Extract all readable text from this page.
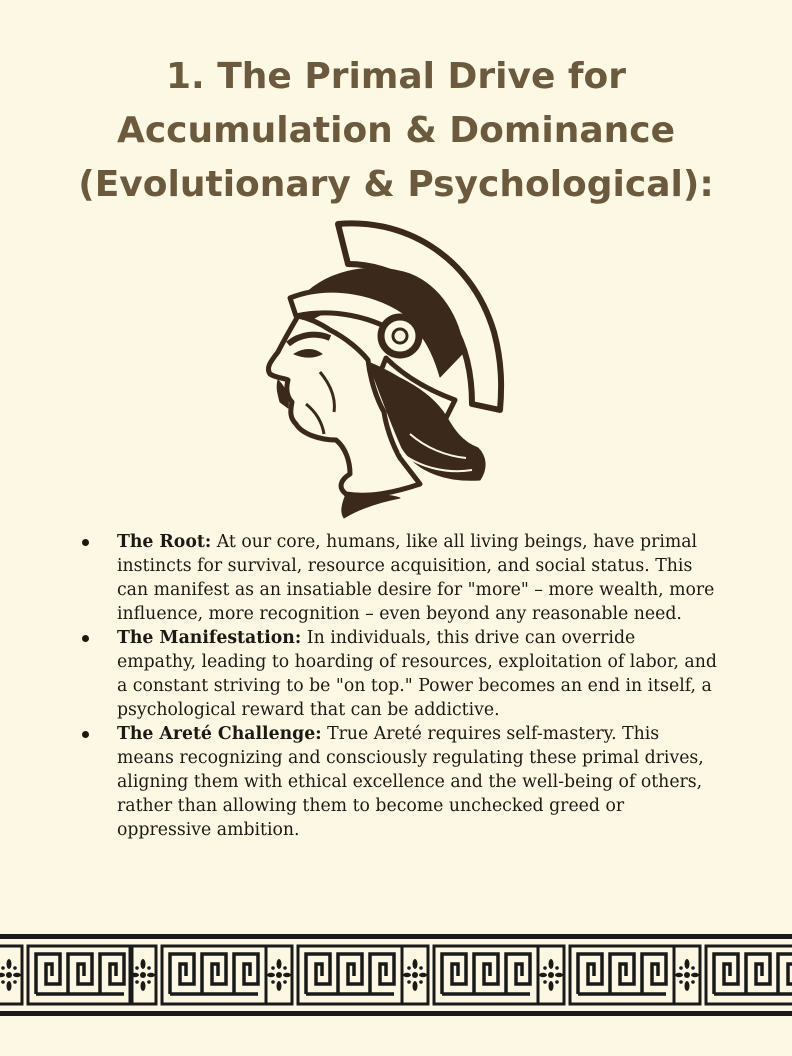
1. The Primal Drive for
Accumulation & Dominance
(Evolutionary & Psychological):
The Root: At our core, humans, like all living beings, have primal instincts for survival, resource acquisition, and social status. This can manifest as an insatiable desire for "more" – more wealth, more influence, more recognition – even beyond any reasonable need.
The Manifestation: In individuals, this drive can override empathy, leading to hoarding of resources, exploitation of labor, and a constant striving to be "on top." Power becomes an end in itself, a psychological reward that can be addictive.
The Areté Challenge: True Areté requires self-mastery. This means recognizing and consciously regulating these primal drives, aligning them with ethical excellence and the well-being of others, rather than allowing them to become unchecked greed or oppressive ambition.
